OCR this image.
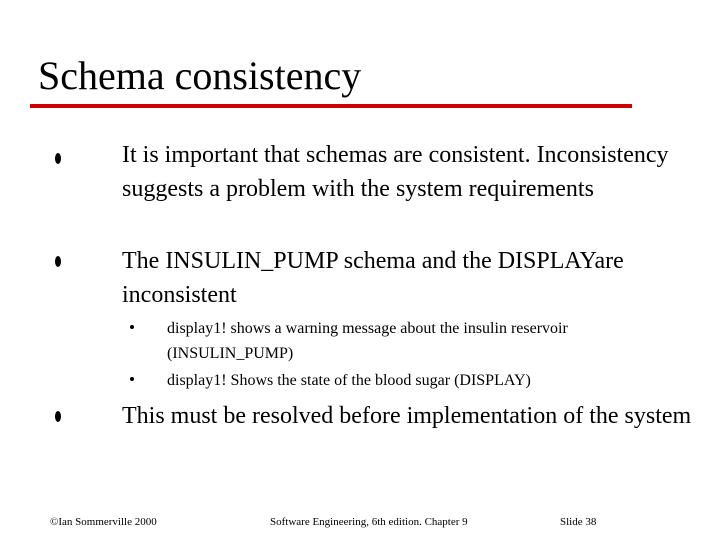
Schema consistency
It is important that schemas are consistent. Inconsistency suggests a problem with the system requirements
The INSULIN_PUMP schema and the DISPLAYare inconsistent
display1! shows a warning message about the insulin reservoir (INSULIN_PUMP)
display1! Shows the state of the blood sugar (DISPLAY)
This must be resolved before implementation of the system
©Ian Sommerville 2000	Software Engineering, 6th edition. Chapter 9	Slide 38
